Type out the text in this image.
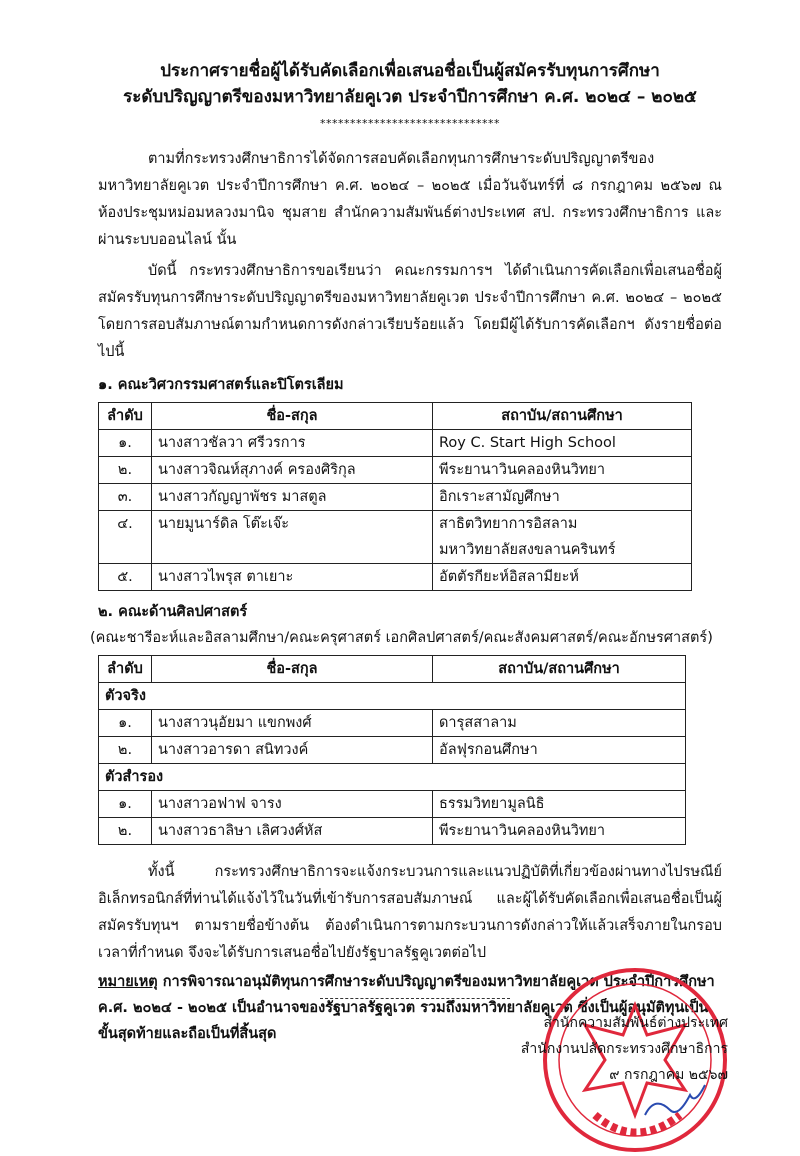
ประกาศรายชื่อผู้ได้รับคัดเลือกเพื่อเสนอชื่อเป็นผู้สมัครรับทุนการศึกษา
ระดับปริญญาตรีของมหาวิทยาลัยคูเวต ประจำปีการศึกษา ค.ศ. ๒๐๒๔ – ๒๐๒๕
******************************

ตามที่กระทรวงศึกษาธิการได้จัดการสอบคัดเลือกทุนการศึกษาระดับปริญญาตรีของมหาวิทยาลัยคูเวต ประจำปีการศึกษา ค.ศ. ๒๐๒๔ – ๒๐๒๕ เมื่อวันจันทร์ที่ ๘ กรกฎาคม ๒๕๖๗ ณ ห้องประชุมหม่อมหลวงมานิจ ชุมสาย สำนักความสัมพันธ์ต่างประเทศ สป. กระทรวงศึกษาธิการ และผ่านระบบออนไลน์ นั้น

บัดนี้ กระทรวงศึกษาธิการขอเรียนว่า คณะกรรมการฯ ได้ดำเนินการคัดเลือกเพื่อเสนอชื่อผู้สมัครรับทุนการศึกษาระดับปริญญาตรีของมหาวิทยาลัยคูเวต ประจำปีการศึกษา ค.ศ. ๒๐๒๔ – ๒๐๒๕ โดยการสอบสัมภาษณ์ตามกำหนดการดังกล่าวเรียบร้อยแล้ว โดยมีผู้ได้รับการคัดเลือกฯ ดังรายชื่อต่อไปนี้

๑. คณะวิศวกรรมศาสตร์และปิโตรเลียม
ลำดับ	ชื่อ-สกุล	สถาบัน/สถานศึกษา
๑.	นางสาวชัลวา ศรีวรการ	Roy C. Start High School
๒.	นางสาวจิณห์สุภางค์ ครองศิริกุล	พีระยานาวินคลองหินวิทยา
๓.	นางสาวกัญญาพัชร มาสตูล	อิกเราะสามัญศึกษา
๔.	นายมูนาร์ดิล โต๊ะเจ๊ะ	สาธิตวิทยาการอิสลาม
มหาวิทยาลัยสงขลานครินทร์

๕.	นางสาวไพรุส ตาเยาะ	อัตตัรกียะห์อิสลามียะห์
๒. คณะด้านศิลปศาสตร์
(คณะชารีอะห์และอิสลามศึกษา/คณะครุศาสตร์ เอกศิลปศาสตร์/คณะสังคมศาสตร์/คณะอักษรศาสตร์)
ลำดับ	ชื่อ-สกุล	สถาบัน/สถานศึกษา
ตัวจริง		
๑.	นางสาวนุอัยมา แขกพงศ์	ดารุสสาลาม
๒.	นางสาวอารดา สนิทวงค์	อัลฟุรกอนศึกษา
ตัวสำรอง		
๑.	นางสาวอฟาฟ จารง	ธรรมวิทยามูลนิธิ
๒.	นางสาวธาลิษา เลิศวงศ์หัส	พีระยานาวินคลองหินวิทยา

ทั้งนี้ กระทรวงศึกษาธิการจะแจ้งกระบวนการและแนวปฏิบัติที่เกี่ยวข้องผ่านทางไปรษณีย์อิเล็กทรอนิกส์ที่ท่านได้แจ้งไว้ในวันที่เข้ารับการสอบสัมภาษณ์ และผู้ได้รับคัดเลือกเพื่อเสนอชื่อเป็นผู้สมัครรับทุนฯ ตามรายชื่อข้างต้น ต้องดำเนินการตามกระบวนการดังกล่าวให้แล้วเสร็จภายในกรอบเวลาที่กำหนด จึงจะได้รับการเสนอชื่อไปยังรัฐบาลรัฐคูเวตต่อไป

หมายเหตุ การพิจารณาอนุมัติทุนการศึกษาระดับปริญญาตรีของมหาวิทยาลัยคูเวต ประจำปีการศึกษา ค.ศ. ๒๐๒๔ - ๒๐๒๕ เป็นอำนาจของรัฐบาลรัฐคูเวต รวมถึงมหาวิทยาลัยคูเวต ซึ่งเป็นผู้อนุมัติทุนเป็นขั้นสุดท้ายและถือเป็นที่สิ้นสุด
สำนักความสัมพันธ์ต่างประเทศ
สำนักงานปลัดกระทรวงศึกษาธิการ
๙ กรกฎาคม ๒๕๖๗
